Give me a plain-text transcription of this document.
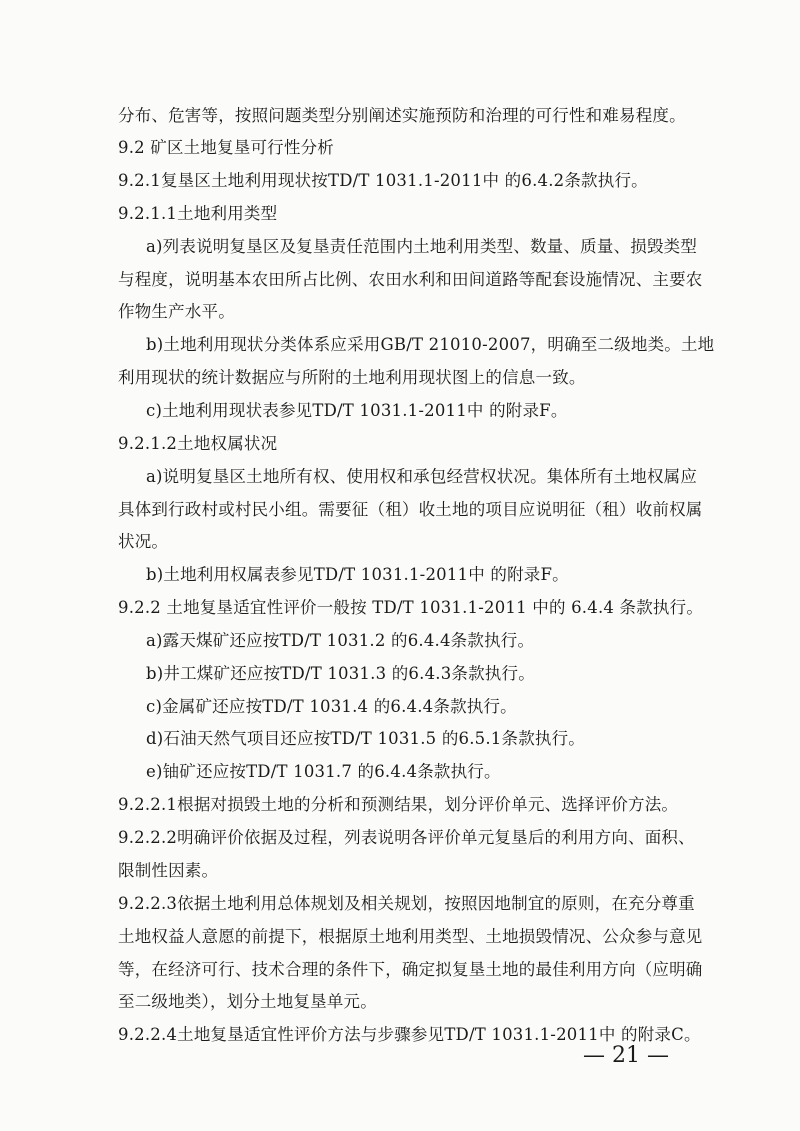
分布、危害等，按照问题类型分别阐述实施预防和治理的可行性和难易程度。
9.2 矿区土地复垦可行性分析
9.2.1复垦区土地利用现状按TD/T 1031.1-2011中 的6.4.2条款执行。
9.2.1.1土地利用类型
a)列表说明复垦区及复垦责任范围内土地利用类型、数量、质量、损毁类型
与程度，说明基本农田所占比例、农田水利和田间道路等配套设施情况、主要农
作物生产水平。
b)土地利用现状分类体系应采用GB/T 21010-2007，明确至二级地类。土地
利用现状的统计数据应与所附的土地利用现状图上的信息一致。
c)土地利用现状表参见TD/T 1031.1-2011中 的附录F。
9.2.1.2土地权属状况
a)说明复垦区土地所有权、使用权和承包经营权状况。集体所有土地权属应
具体到行政村或村民小组。需要征（租）收土地的项目应说明征（租）收前权属
状况。
b)土地利用权属表参见TD/T 1031.1-2011中 的附录F。
9.2.2 土地复垦适宜性评价一般按 TD/T 1031.1-2011 中的 6.4.4 条款执行。
a)露天煤矿还应按TD/T 1031.2 的6.4.4条款执行。
b)井工煤矿还应按TD/T 1031.3 的6.4.3条款执行。
c)金属矿还应按TD/T 1031.4 的6.4.4条款执行。
d)石油天然气项目还应按TD/T 1031.5 的6.5.1条款执行。
e)铀矿还应按TD/T 1031.7 的6.4.4条款执行。
9.2.2.1根据对损毁土地的分析和预测结果，划分评价单元、选择评价方法。
9.2.2.2明确评价依据及过程，列表说明各评价单元复垦后的利用方向、面积、
限制性因素。
9.2.2.3依据土地利用总体规划及相关规划，按照因地制宜的原则，在充分尊重
土地权益人意愿的前提下，根据原土地利用类型、土地损毁情况、公众参与意见
等，在经济可行、技术合理的条件下，确定拟复垦土地的最佳利用方向（应明确
至二级地类），划分土地复垦单元。
9.2.2.4土地复垦适宜性评价方法与步骤参见TD/T 1031.1-2011中 的附录C。
— 21 —
